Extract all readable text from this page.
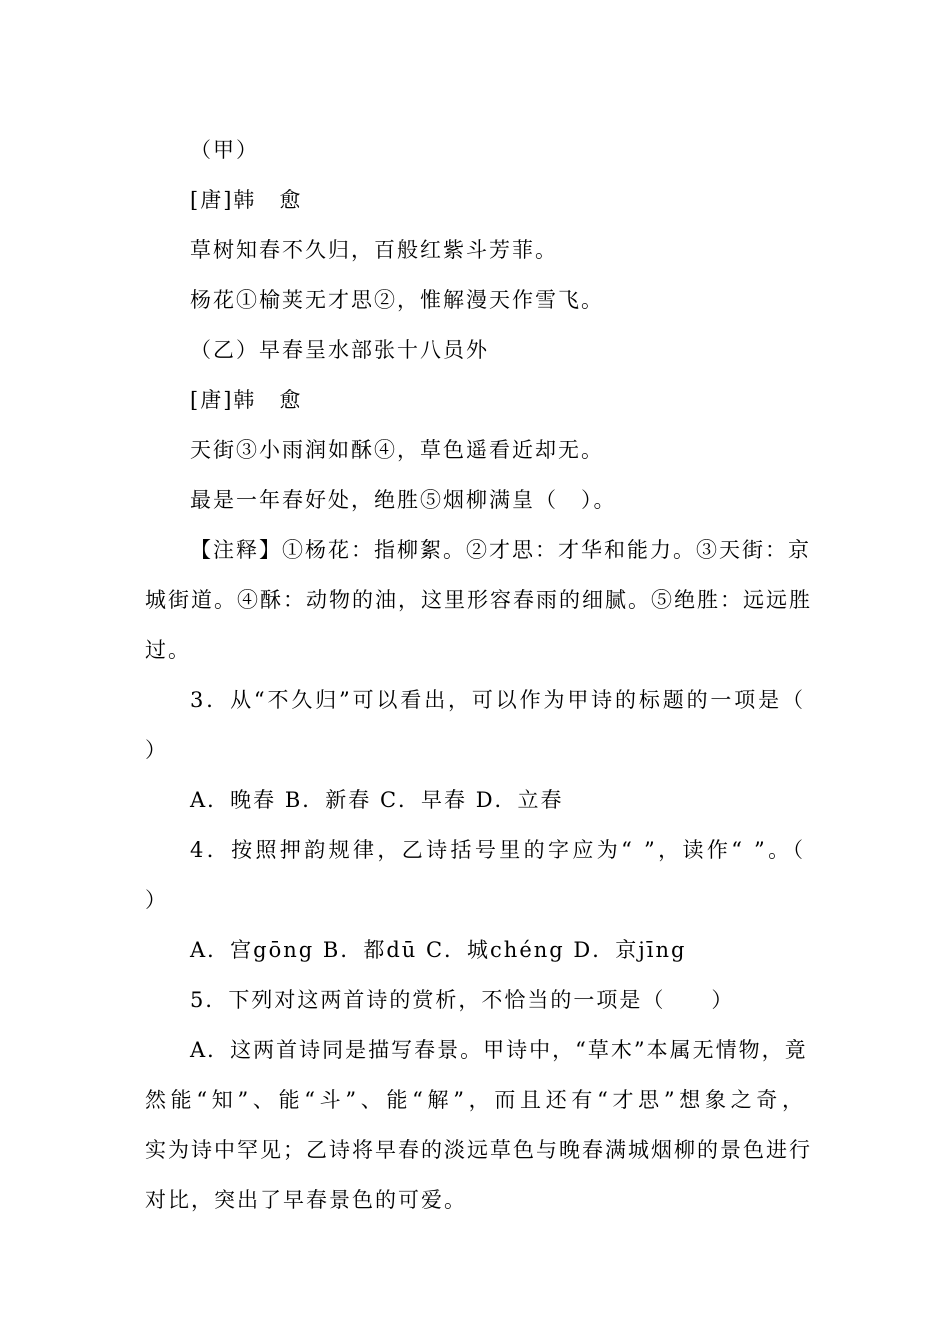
（甲）
[唐]韩　愈
草树知春不久归，百般红紫斗芳菲。
杨花①榆荚无才思②，惟解漫天作雪飞。
（乙）早春呈水部张十八员外
[唐]韩　愈
天街③小雨润如酥④，草色遥看近却无。
最是一年春好处，绝胜⑤烟柳满皇（　）。
【注释】①杨花：指柳絮。②才思：才华和能力。③天街：京
城街道。④酥：动物的油，这里形容春雨的细腻。⑤绝胜：远远胜
过。
3．从“不久归”可以看出，可以作为甲诗的标题的一项是（
）
A．晚春 B．新春 C．早春 D．立春
4．按照押韵规律，乙诗括号里的字应为“ ”，读作“ ”。（
）
A．宫gōng B．都dū C．城chéng D．京jīng
5．下列对这两首诗的赏析，不恰当的一项是（　　）
A．这两首诗同是描写春景。甲诗中，“草木”本属无情物，竟
然能“知”、能“斗”、能“解”，而且还有“才思”想象之奇，
实为诗中罕见；乙诗将早春的淡远草色与晚春满城烟柳的景色进行
对比，突出了早春景色的可爱。
